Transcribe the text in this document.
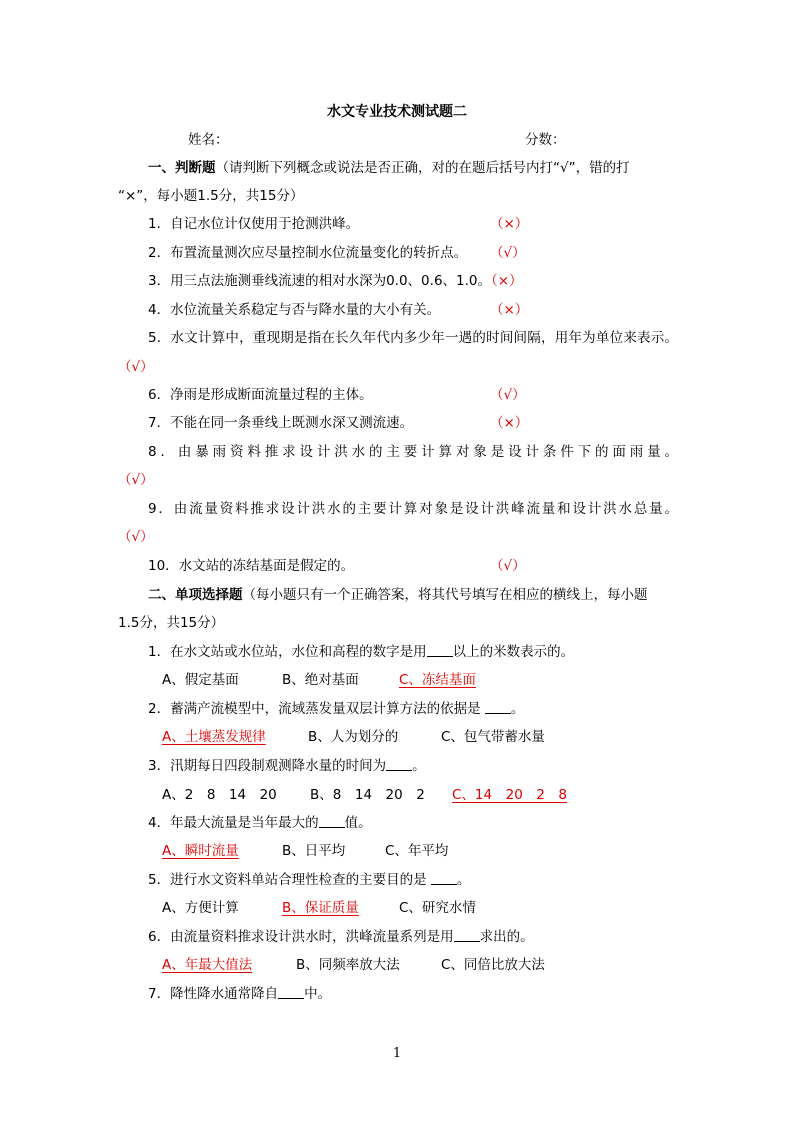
水文专业技术测试题二
姓名：	分数：
一、判断题（请判断下列概念或说法是否正确，对的在题后括号内打“√”，错的打
“×”，每小题1.5分，共15分）
1．自记水位计仅使用于抢测洪峰。	（×）
2．布置流量测次应尽量控制水位流量变化的转折点。 （√）
3．用三点法施测垂线流速的相对水深为0.0、0.6、1.0。（×）
4．水位流量关系稳定与否与降水量的大小有关。	（×）
5．水文计算中，重现期是指在长久年代内多少年一遇的时间间隔，用年为单位来表示。
（√）
6．净雨是形成断面流量过程的主体。	（√）
7．不能在同一条垂线上既测水深又测流速。	（×）
8．由暴雨资料推求设计洪水的主要计算对象是设计条件下的面雨量。
（√）
9．由流量资料推求设计洪水的主要计算对象是设计洪峰流量和设计洪水总量。
（√）
10．水文站的冻结基面是假定的。	（√）
二、单项选择题（每小题只有一个正确答案，将其代号填写在相应的横线上，每小题
1.5分，共15分）
1．在水文站或水位站，水位和高程的数字是用 以上的米数表示的。
A、假定基面	B、绝对基面	C、冻结基面
2．蓄满产流模型中，流域蒸发量双层计算方法的依据是 。
A、土壤蒸发规律	B、人为划分的	C、包气带蓄水量
3．汛期每日四段制观测降水量的时间为 。
A、2　8　14　20 B、8　14　20　2 C、14　20　2　8
4．年最大流量是当年最大的 值。
A、瞬时流量	B、日平均	C、年平均
5．进行水文资料单站合理性检查的主要目的是 。
A、方便计算	B、保证质量	C、研究水情
6．由流量资料推求设计洪水时，洪峰流量系列是用 求出的。
A、年最大值法	B、同频率放大法	C、同倍比放大法
7．降性降水通常降自 中。
1
